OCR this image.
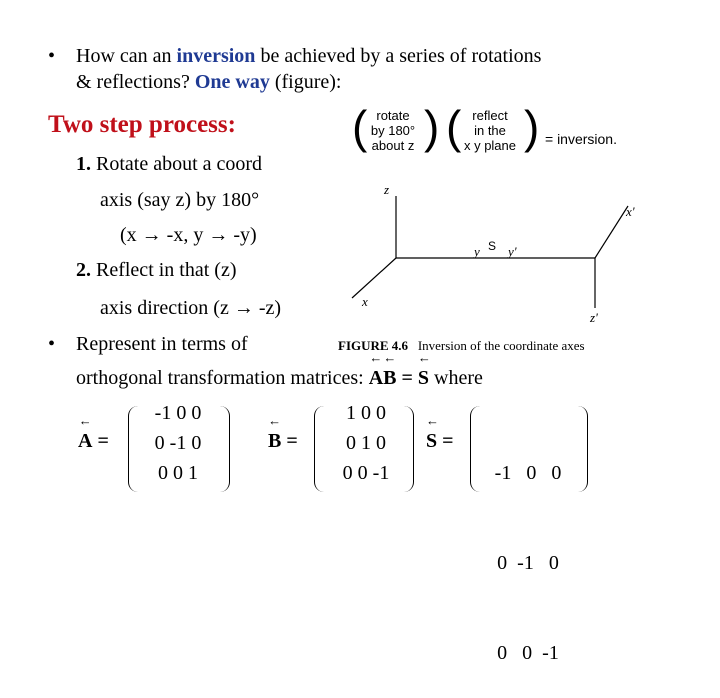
• How can an inversion be achieved by a series of rotations
& reflections? One way (figure):
Two step process:
1. Rotate about a coord
axis (say z) by 180°
(x → -x, y → -y)
2. Reflect in that (z)
axis direction (z → -z)
( rotate
by 180°
about z ) ( reflect
in the
x y plane ) = inversion.
z
x
y S y'
x'
z'
FIGURE 4.6 Inversion of the coordinate axes
• Represent in terms of
orthogonal transformation matrices: ← A← B = ← S where
← A =
-1 0 0
0 -1 0
0 0 1
← B =
1 0 0
0 1 0
0 0 -1
← S =

-1   0   0

0  -1   0

0   0  -1
